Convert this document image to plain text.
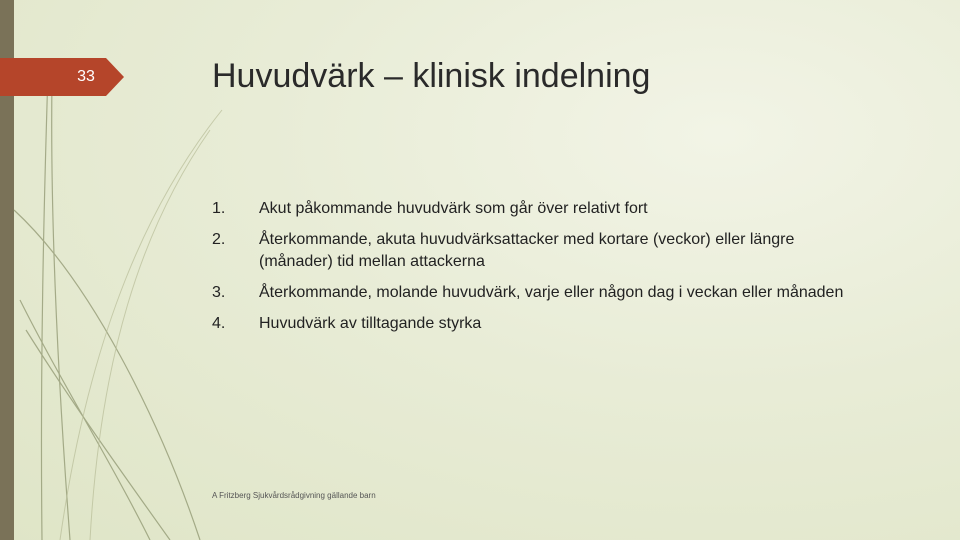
33	Huvudvärk – klinisk indelning
1.	Akut påkommande huvudvärk som går över relativt fort
2.	Återkommande, akuta huvudvärksattacker med kortare (veckor) eller längre (månader) tid mellan attackerna
3.	Återkommande, molande huvudvärk, varje eller någon dag i veckan eller månaden
4.	Huvudvärk av tilltagande styrka
A Fritzberg Sjukvårdsrådgivning gällande barn
